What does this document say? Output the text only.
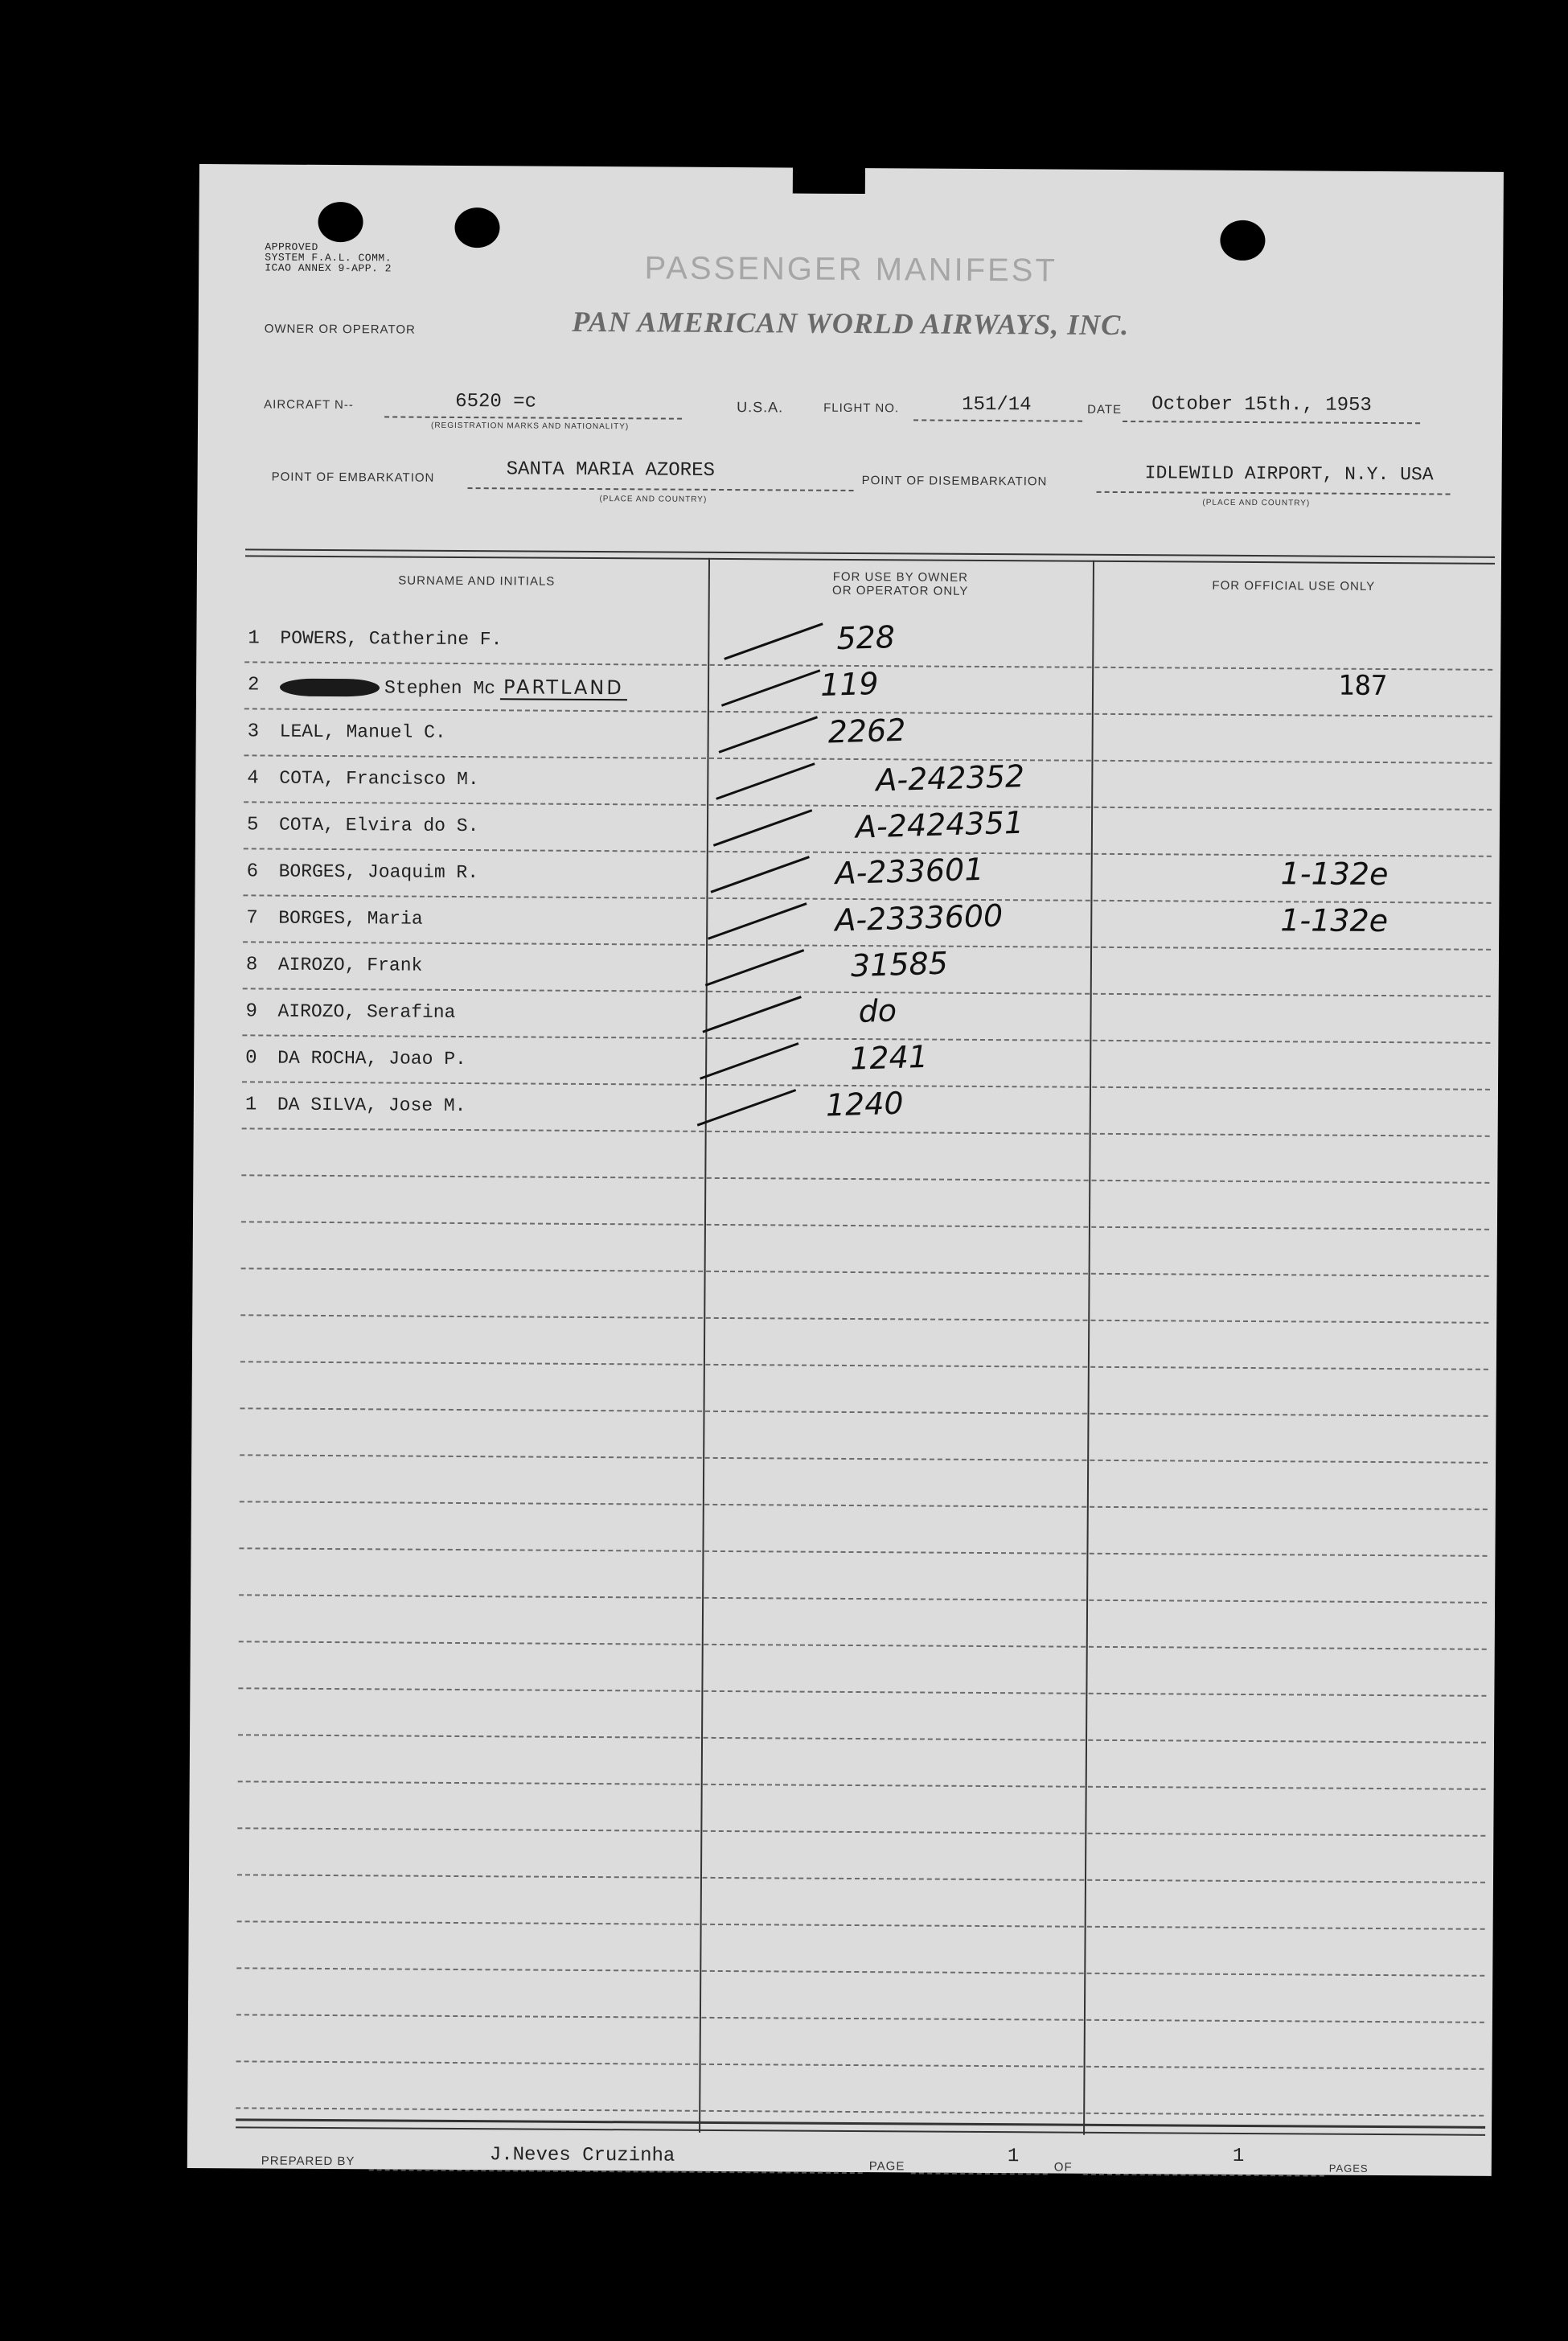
APPROVED
SYSTEM F.A.L. COMM.
ICAO ANNEX 9-APP. 2	PASSENGER MANIFEST
OWNER OR OPERATOR	PAN AMERICAN WORLD AIRWAYS, INC.
AIRCRAFT N--	6520 =c
(REGISTRATION MARKS AND NATIONALITY)
U.S.A.	FLIGHT NO.	151/14	DATE October 15th., 1953
POINT OF EMBARKATION	SANTA MARIA AZORES
(PLACE AND COUNTRY)
POINT OF DISEMBARKATION	IDLEWILD AIRPORT, N.Y. USA
(PLACE AND COUNTRY)
SURNAME AND INITIALS	FOR USE BY OWNER
OR OPERATOR ONLY	FOR OFFICIAL USE ONLY
1 POWERS, Catherine F.	528
2	Stephen Mc PARTLAND	119	187
3 LEAL, Manuel C.	2262
4 COTA, Francisco M.	A-242352
5 COTA, Elvira do S.	A-2424351
6 BORGES, Joaquim R.	A-233601	1-132e
7 BORGES, Maria	A-2333600	1-132e
8 AIROZO, Frank	31585
9 AIROZO, Serafina	do
0 DA ROCHA, Joao P.	1241
1 DA SILVA, Jose M.	1240
PREPARED BY	J.Neves Cruzinha	PAGE	1	OF
1
PAGES
